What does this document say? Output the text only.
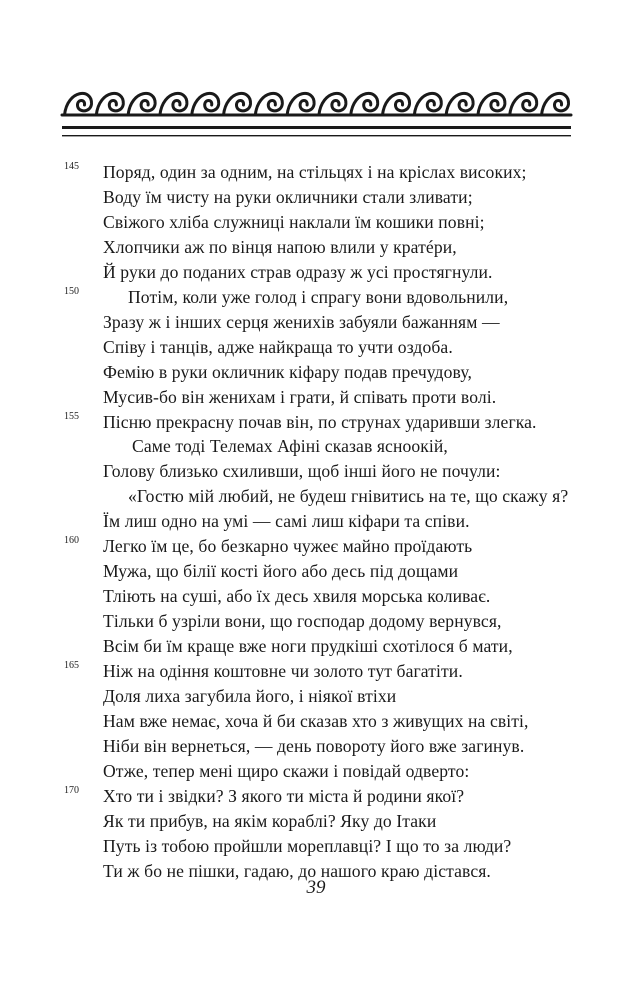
Поряд, один за одним, на стільцях і на кріслах високих;
145
Воду їм чисту на руки окличники стали зливати;
Свіжого хліба служниці наклали їм кошики повні;
Хлопчики аж по вінця напою влили у кратéри,
Й руки до поданих страв одразу ж усі простягнули.
Потім, коли уже голод і спрагу вони вдовольнили,
150
Зразу ж і інших серця женихів забуяли бажанням —
Співу і танців, адже найкраща то учти оздоба.
Фемію в руки окличник кіфару подав пречудову,
Мусив-бо він женихам і грати, й співать проти волі.
Пісню прекрасну почав він, по струнах ударивши злегка.
155
Саме тоді Телемах Афіні сказав ясноокій,
Голову близько схиливши, щоб інші його не почули:
«Гостю мій любий, не будеш гнівитись на те, що скажу я?
Їм лиш одно на умі — самі лиш кіфари та співи.
Легко їм це, бо безкарно чужеє майно проїдають
160
Мужа, що білії кості його або десь під дощами
Тліють на суші, або їх десь хвиля морська коливає.
Тільки б узріли вони, що господар додому вернувся,
Всім би їм краще вже ноги прудкіші схотілося б мати,
Ніж на одіння коштовне чи золото тут багатіти.
165
Доля лиха загубила його, і ніякої втіхи
Нам вже немає, хоча й би сказав хто з живущих на світі,
Ніби він вернеться, — день повороту його вже загинув.
Отже, тепер мені щиро скажи і повідай одверто:
Хто ти і звідки? З якого ти міста й родини якої?
170
Як ти прибув, на якім кораблі? Яку до Ітаки
Путь із тобою пройшли мореплавці? І що то за люди?
Ти ж бо не пішки, гадаю, до нашого краю дістався.
39
